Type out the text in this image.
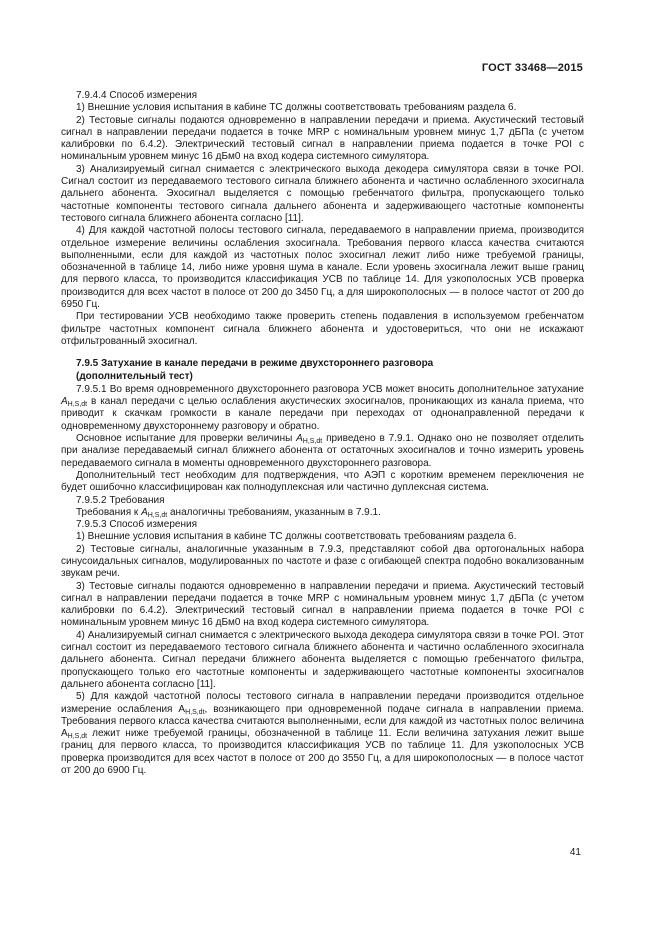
ГОСТ 33468—2015

7.9.4.4 Способ измерения

1) Внешние условия испытания в кабине ТС должны соответствовать требованиям раздела 6.

2) Тестовые сигналы подаются одновременно в направлении передачи и приема. Акустический тестовый сигнал в направлении передачи подается в точке MRP с номинальным уровнем минус 1,7 дБПа (с учетом калибровки по 6.4.2). Электрический тестовый сигнал в направлении приема подается в точке POI с номинальным уровнем минус 16 дБм0 на вход кодера системного симулятора.

3) Анализируемый сигнал снимается с электрического выхода декодера симулятора связи в точке POI. Сигнал состоит из передаваемого тестового сигнала ближнего абонента и частично ослабленного эхосигнала дальнего абонента. Эхосигнал выделяется с помощью гребенчатого фильтра, пропускающего только частотные компоненты тестового сигнала дальнего абонента и задерживающего частотные компоненты тестового сигнала ближнего абонента согласно [11].

4) Для каждой частотной полосы тестового сигнала, передаваемого в направлении приема, производится отдельное измерение величины ослабления эхосигнала. Требования первого класса качества считаются выполненными, если для каждой из частотных полос эхосигнал лежит либо ниже требуемой границы, обозначенной в таблице 14, либо ниже уровня шума в канале. Если уровень эхосигнала лежит выше границ для первого класса, то производится классификация УСВ по таблице 14. Для узкополосных УСВ проверка производится для всех частот в полосе от 200 до 3450 Гц, а для широкополосных — в полосе частот от 200 до 6950 Гц.

При тестировании УСВ необходимо также проверить степень подавления в используемом гребенчатом фильтре частотных компонент сигнала ближнего абонента и удостовериться, что они не искажают отфильтрованный эхосигнал.

7.9.5 Затухание в канале передачи в режиме двухстороннего разговора

(дополнительный тест)

7.9.5.1 Во время одновременного двухстороннего разговора УСВ может вносить дополнительное затухание $A_{H,S,dt}$ в канал передачи с целью ослабления акустических эхосигналов, проникающих из канала приема, что приводит к скачкам громкости в канале передачи при переходах от однонаправленной передачи к одновременному двухстороннему разговору и обратно.

Основное испытание для проверки величины $A_{H,S,dt}$ приведено в 7.9.1. Однако оно не позволяет отделить при анализе передаваемый сигнал ближнего абонента от остаточных эхосигналов и точно измерить уровень передаваемого сигнала в моменты одновременного двухстороннего разговора.

Дополнительный тест необходим для подтверждения, что АЭП с коротким временем переключения не будет ошибочно классифицирован как полнодуплексная или частично дуплексная система.

7.9.5.2 Требования

Требования к $A_{H,S,dt}$ аналогичны требованиям, указанным в 7.9.1.

7.9.5.3 Способ измерения

1) Внешние условия испытания в кабине ТС должны соответствовать требованиям раздела 6.

2) Тестовые сигналы, аналогичные указанным в 7.9.3, представляют собой два ортогональных набора синусоидальных сигналов, модулированных по частоте и фазе с огибающей спектра подобно вокализованным звукам речи.

3) Тестовые сигналы подаются одновременно в направлении передачи и приема. Акустический тестовый сигнал в направлении передачи подается в точке MRP с номинальным уровнем минус 1,7 дБПа (с учетом калибровки по 6.4.2). Электрический тестовый сигнал в направлении приема подается в точке POI с номинальным уровнем минус 16 дБм0 на вход кодера системного симулятора.

4) Анализируемый сигнал снимается с электрического выхода декодера симулятора связи в точке POI. Этот сигнал состоит из передаваемого тестового сигнала ближнего абонента и частично ослабленного эхосигнала дальнего абонента. Сигнал передачи ближнего абонента выделяется с помощью гребенчатого фильтра, пропускающего только его частотные компоненты и задерживающего частотные компоненты эхосигналов дальнего абонента согласно [11].

5) Для каждой частотной полосы тестового сигнала в направлении передачи производится отдельное измерение ослабления $A_{H,S,dt}$, возникающего при одновременной подаче сигнала в направлении приема. Требования первого класса качества считаются выполненными, если для каждой из частотных полос величина $A_{H,S,dt}$ лежит ниже требуемой границы, обозначенной в таблице 11. Если величина затухания лежит выше границ для первого класса, то производится классификация УСВ по таблице 11. Для узкополосных УСВ проверка производится для всех частот в полосе от 200 до 3550 Гц, а для широкополосных — в полосе частот от 200 до 6900 Гц.

41
